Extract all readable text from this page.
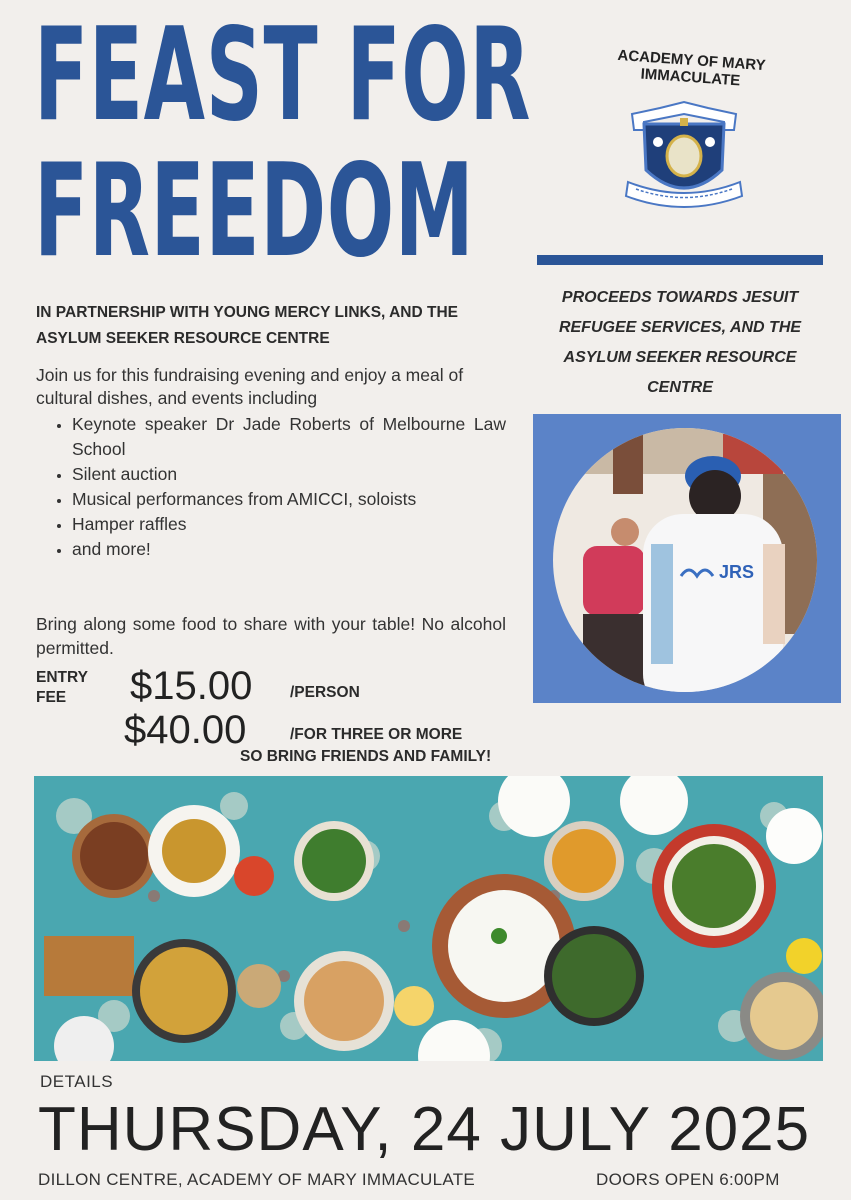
FEAST FOR
FREEDOM
ACADEMY OF MARY IMMACULATE
IN PARTNERSHIP WITH YOUNG MERCY LINKS, AND THE ASYLUM SEEKER RESOURCE CENTRE
PROCEEDS TOWARDS JESUIT REFUGEE SERVICES, AND THE ASYLUM SEEKER RESOURCE CENTRE
Join us for this fundraising evening and enjoy a meal of cultural dishes, and events including
• Keynote speaker Dr Jade Roberts of Melbourne Law School
• Silent auction
• Musical performances from AMICCI, soloists
• Hamper raffles
• and more!
Bring along some food to share with your table! No alcohol permitted.
ENTRY
FEE	$15.00 /PERSON
$40.00	/FOR THREE OR MORE
SO BRING FRIENDS AND FAMILY!
JRS
DETAILS
THURSDAY, 24 JULY 2025
DILLON CENTRE, ACADEMY OF MARY IMMACULATE	DOORS OPEN 6:00PM
